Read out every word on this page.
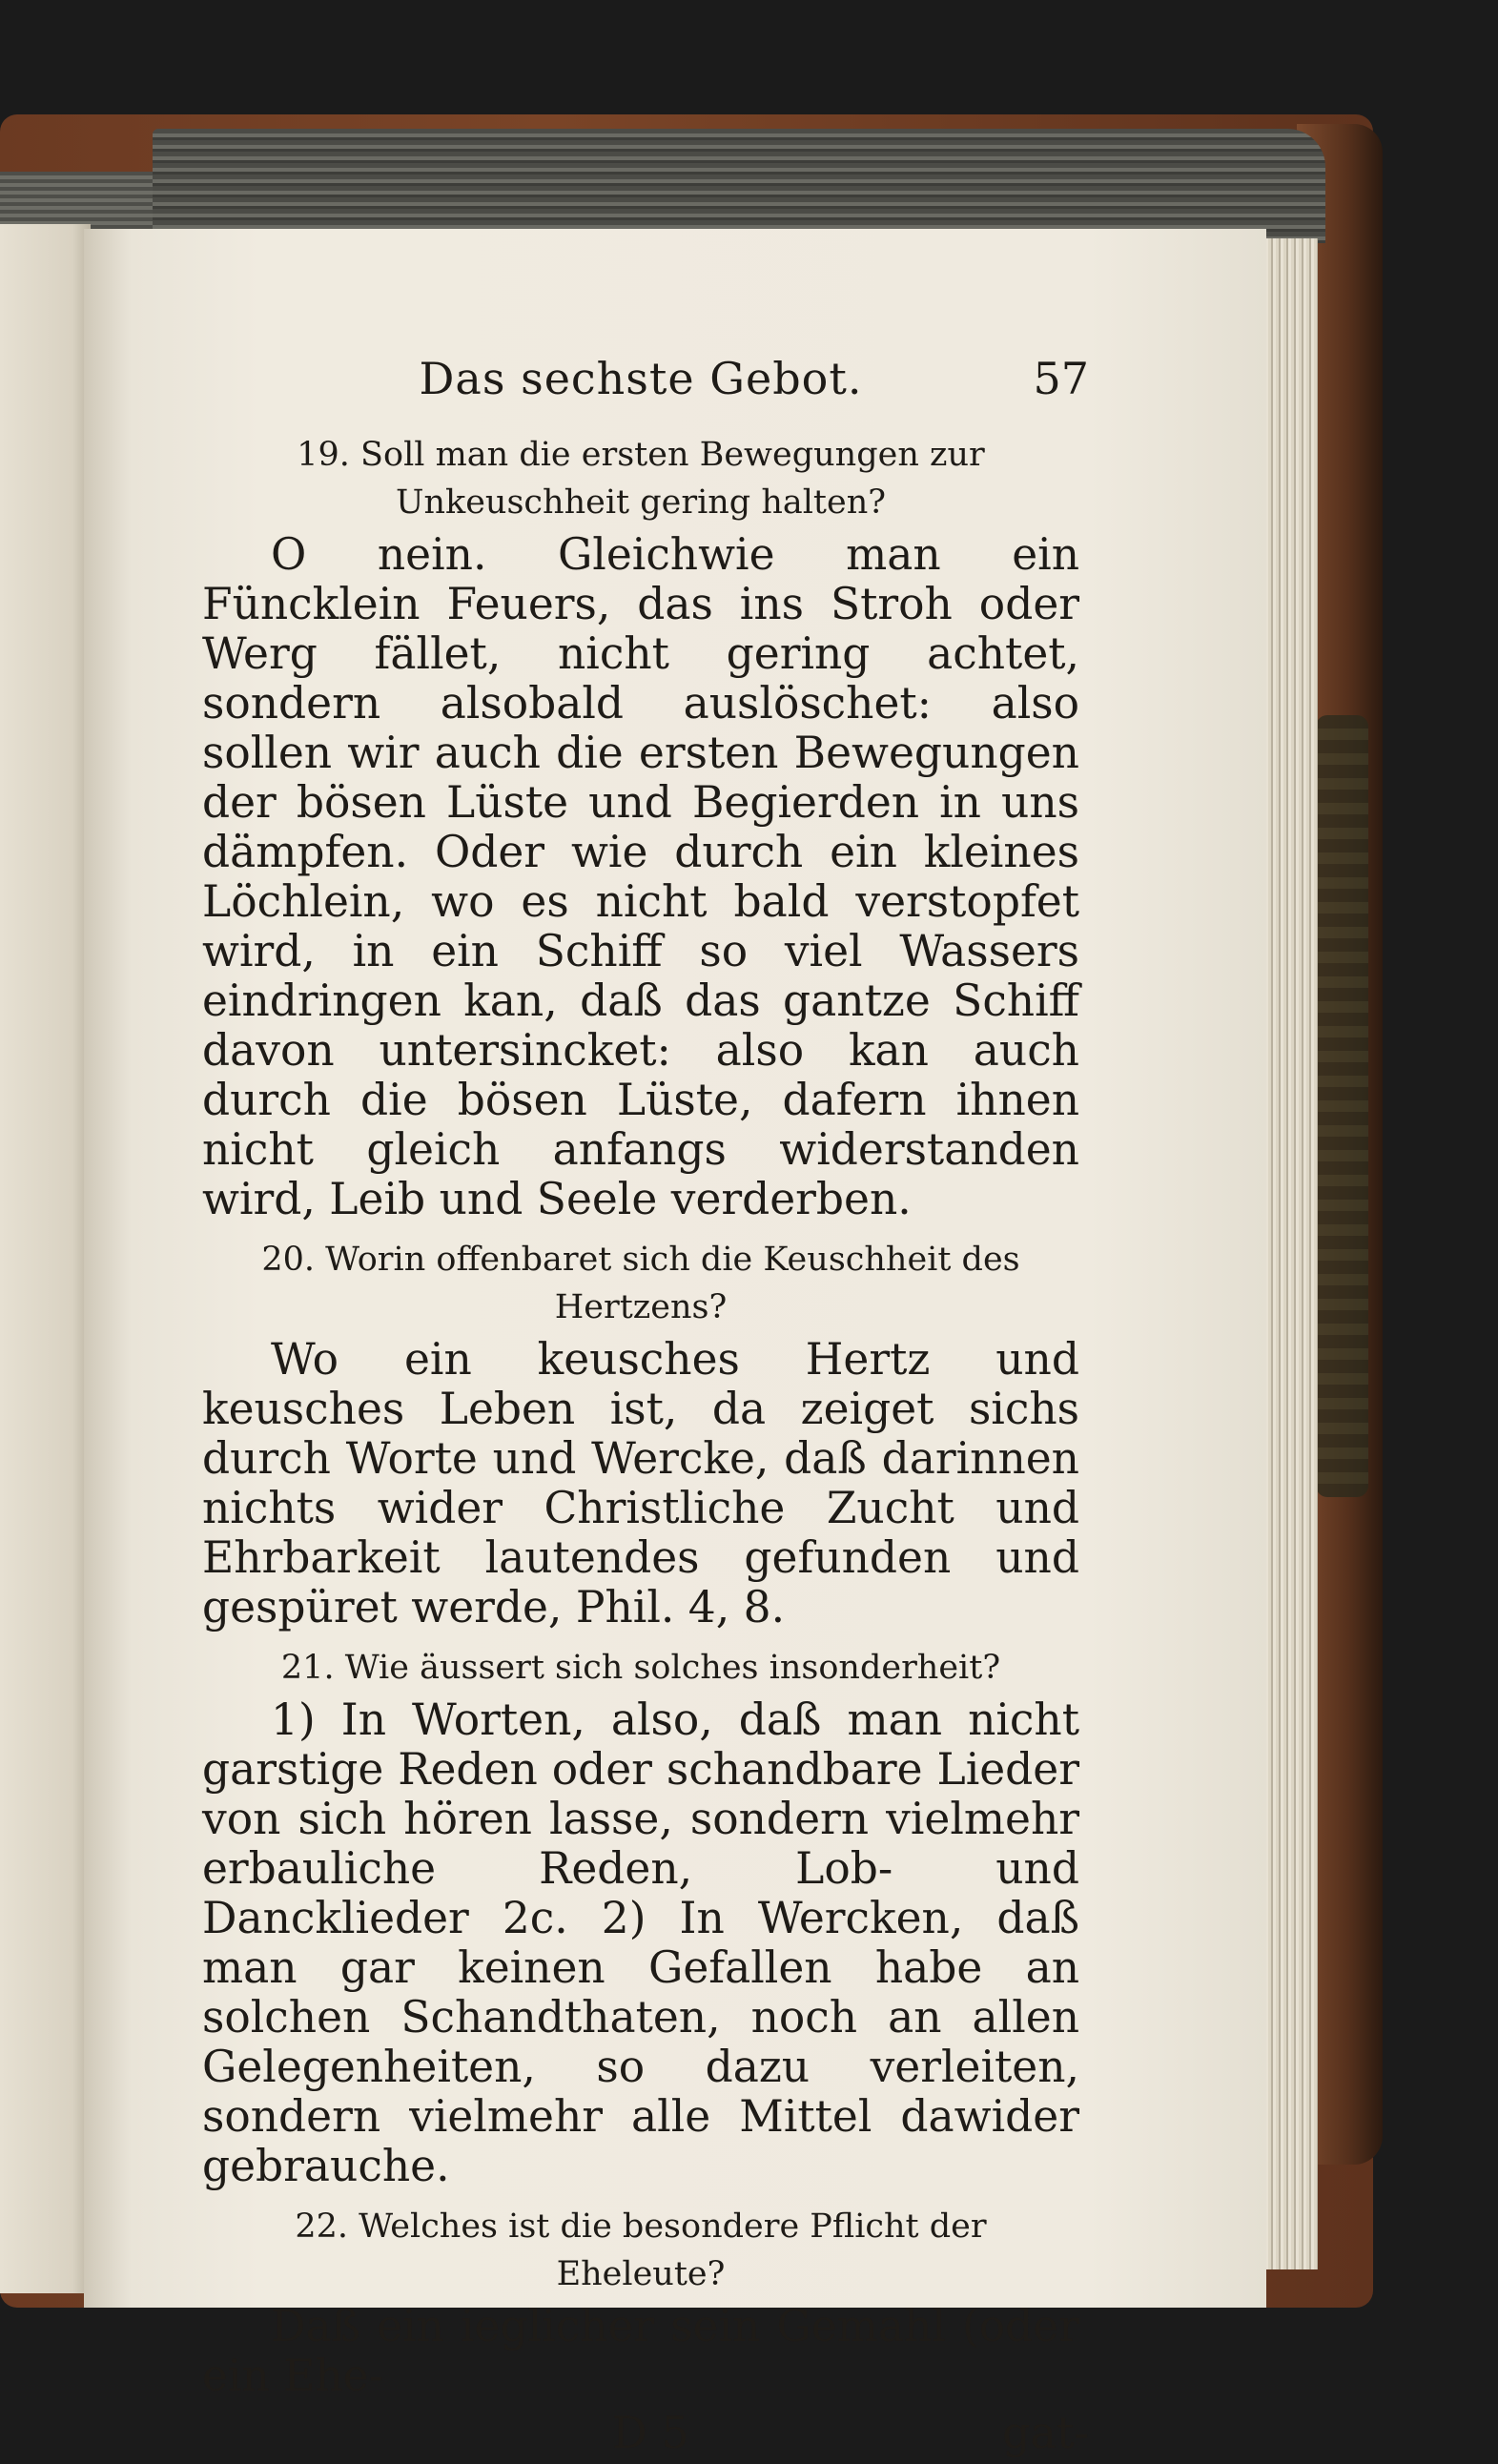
Das sechste Gebot.	57
19. Soll man die ersten Bewegungen zur Unkeuschheit gering halten?

O nein. Gleichwie man ein Füncklein Feuers, das ins Stroh oder Werg fället, nicht gering achtet, sondern alsobald auslöschet: also sollen wir auch die ersten Bewegungen der bösen Lüste und Begierden in uns dämpfen. Oder wie durch ein kleines Löchlein, wo es nicht bald verstopfet wird, in ein Schiff so viel Wassers eindringen kan, daß das gantze Schiff davon untersincket: also kan auch durch die bösen Lüste, dafern ihnen nicht gleich anfangs widerstanden wird, Leib und Seele verderben.

20. Worin offenbaret sich die Keuschheit des Hertzens?

Wo ein keusches Hertz und keusches Leben ist, da zeiget sichs durch Worte und Wercke, daß darinnen nichts wider Christliche Zucht und Ehrbarkeit lautendes gefunden und gespüret werde, Phil. 4, 8.

21. Wie äussert sich solches insonderheit?

1) In Worten, also, daß man nicht garstige Reden oder schandbare Lieder von sich hören lasse, sondern vielmehr erbauliche Reden, Lob- und Dancklieder 2c. 2) In Wercken, daß man gar keinen Gefallen habe an solchen Schandthaten, noch an allen Gelegenheiten, so dazu verleiten, sondern vielmehr alle Mittel dawider gebrauche.

22. Welches ist die besondere Pflicht der Eheleute?

Daß ein ieglicher sein Gemahl (oder ein Ehe-

D 5	gat-
